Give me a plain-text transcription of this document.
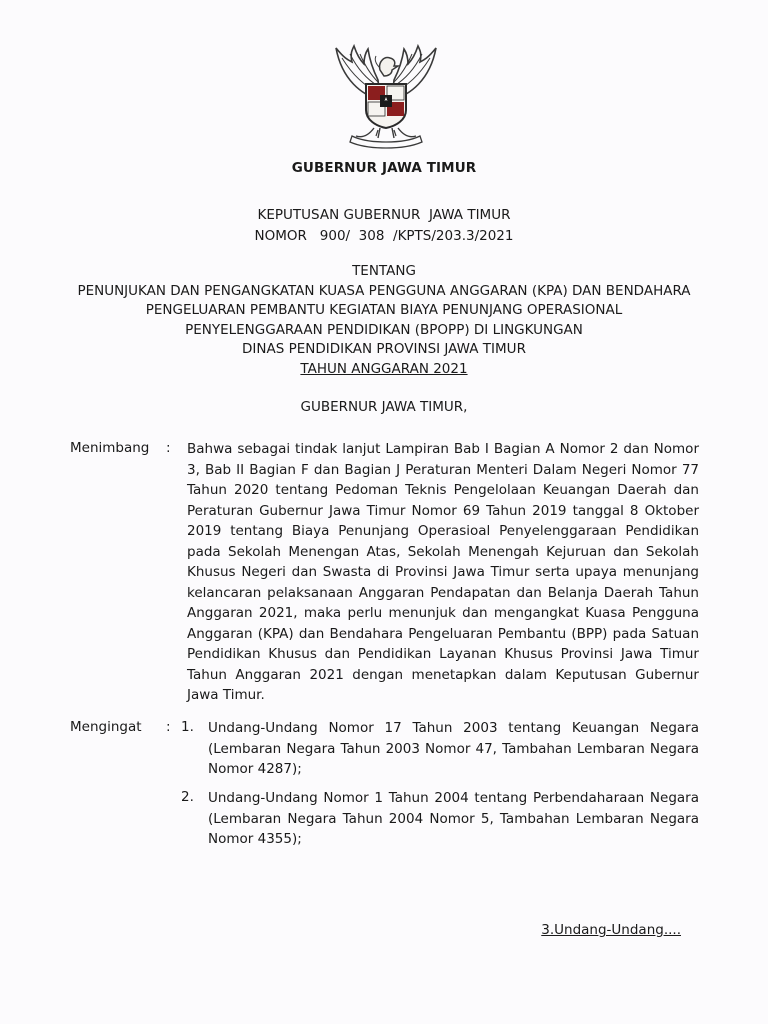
GUBERNUR JAWA TIMUR
KEPUTUSAN GUBERNUR  JAWA TIMUR
NOMOR   900/  308  /KPTS/203.3/2021
TENTANG
PENUNJUKAN DAN PENGANGKATAN KUASA PENGGUNA ANGGARAN (KPA) DAN BENDAHARA
PENGELUARAN PEMBANTU KEGIATAN BIAYA PENUNJANG OPERASIONAL
PENYELENGGARAAN PENDIDIKAN (BPOPP) DI LINGKUNGAN
DINAS PENDIDIKAN PROVINSI JAWA TIMUR
TAHUN ANGGARAN 2021
GUBERNUR JAWA TIMUR,
Menimbang : Bahwa sebagai tindak lanjut Lampiran Bab I Bagian A Nomor 2 dan Nomor 3, Bab II Bagian F dan Bagian J Peraturan Menteri Dalam Negeri Nomor 77 Tahun 2020 tentang Pedoman Teknis Pengelolaan Keuangan Daerah dan Peraturan Gubernur Jawa Timur Nomor 69 Tahun 2019 tanggal 8 Oktober 2019 tentang Biaya Penunjang Operasioal Penyelenggaraan Pendidikan pada Sekolah Menengan Atas, Sekolah Menengah Kejuruan dan Sekolah Khusus Negeri dan Swasta di Provinsi Jawa Timur serta upaya menunjang kelancaran pelaksanaan Anggaran Pendapatan dan Belanja Daerah Tahun Anggaran 2021, maka perlu menunjuk dan mengangkat Kuasa Pengguna Anggaran (KPA) dan Bendahara Pengeluaran Pembantu (BPP) pada Satuan Pendidikan Khusus dan Pendidikan Layanan Khusus Provinsi Jawa Timur Tahun Anggaran 2021 dengan menetapkan dalam Keputusan Gubernur Jawa Timur.
Mengingat : 1. Undang-Undang Nomor 17 Tahun 2003 tentang Keuangan Negara (Lembaran Negara Tahun 2003 Nomor 47, Tambahan Lembaran Negara Nomor 4287);
2. Undang-Undang Nomor 1 Tahun 2004 tentang Perbendaharaan Negara (Lembaran Negara Tahun 2004 Nomor 5, Tambahan Lembaran Negara Nomor 4355);
3.Undang-Undang....
